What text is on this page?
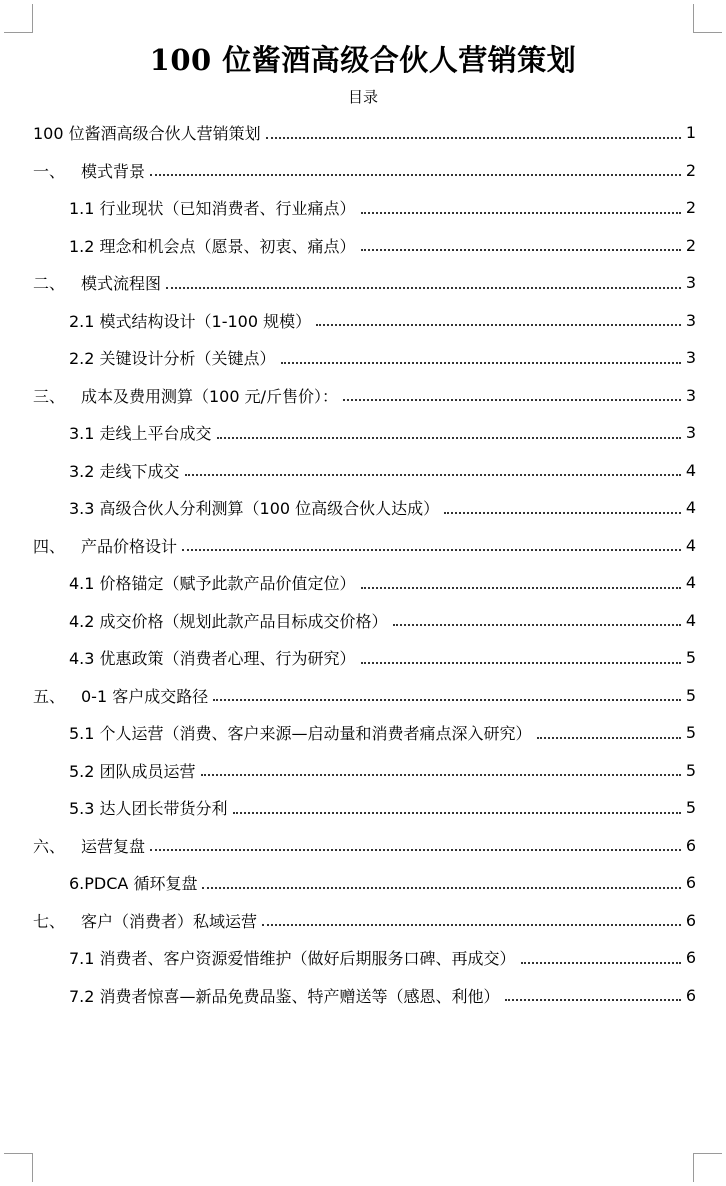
100 位酱酒高级合伙人营销策划
目录
100 位酱酒高级合伙人营销策划	1
一、 模式背景	2
1.1 行业现状（已知消费者、行业痛点）	2
1.2 理念和机会点（愿景、初衷、痛点）	2
二、 模式流程图	3
2.1 模式结构设计（1-100 规模）	3
2.2 关键设计分析（关键点）	3
三、 成本及费用测算（100 元/斤售价）：	3
3.1 走线上平台成交	3
3.2 走线下成交	4
3.3 高级合伙人分利测算（100 位高级合伙人达成）	4
四、 产品价格设计	4
4.1 价格锚定（赋予此款产品价值定位）	4
4.2 成交价格（规划此款产品目标成交价格）	4
4.3 优惠政策（消费者心理、行为研究）	5
五、 0-1 客户成交路径	5
5.1 个人运营（消费、客户来源—启动量和消费者痛点深入研究）	5
5.2 团队成员运营	5
5.3 达人团长带货分利	5
六、 运营复盘	6
6.PDCA 循环复盘	6
七、 客户（消费者）私域运营	6
7.1 消费者、客户资源爱惜维护（做好后期服务口碑、再成交）	6
7.2 消费者惊喜—新品免费品鉴、特产赠送等（感恩、利他）	6
